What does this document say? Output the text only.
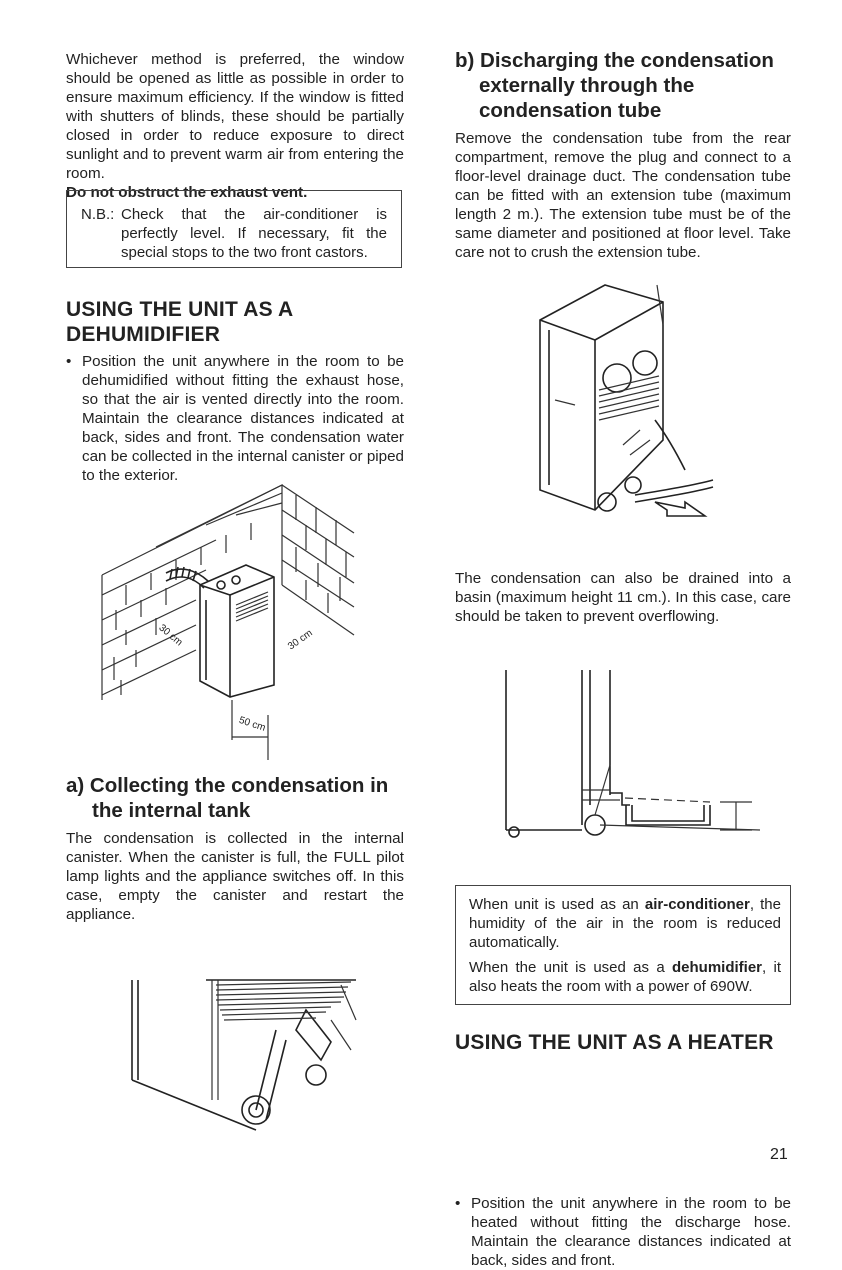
Whichever method is preferred, the window should be opened as little as possible in order to ensure maximum efficiency. If the window is fitted with shutters of blinds, these should be partially closed in order to reduce exposure to direct sunlight and to prevent warm air from entering the room.

Do not obstruct the exhaust vent.

N.B.: Check that the air-conditioner is perfectly level. If necessary, fit the special stops to the two front castors.
USING THE UNIT AS A
DEHUMIDIFIER
• Position the unit anywhere in the room to be dehumidified without fitting the exhaust hose, so that the air is vented directly into the room. Maintain the clearance distances indicated at back, sides and front. The condensation water can be collected in the internal canister or piped to the exterior.
30 cm	30 cm
50 cm
a) Collecting the condensation in
the internal tank
The condensation is collected in the internal canister. When the canister is full, the FULL pilot lamp lights and the appliance switches off. In this case, empty the canister and restart the appliance.
b) Discharging the condensation
externally through the
condensation tube
Remove the condensation tube from the rear compartment, remove the plug and connect to a floor-level drainage duct. The condensation tube can be fitted with an extension tube (maximum length 2 m.). The extension tube must be of the same diameter and positioned at floor level. Take care not to crush the extension tube.
The condensation can also be drained into a basin (maximum height 11 cm.). In this case, care should be taken to prevent overflowing.

When unit is used as an air-conditioner, the humidity of the air in the room is reduced automatically.

When the unit is used as a dehumidifier, it also heats the room with a power of 690W.

USING THE UNIT AS A HEATER
• Position the unit anywhere in the room to be heated without fitting the discharge hose. Maintain the clearance distances indicated at back, sides and front.
21
